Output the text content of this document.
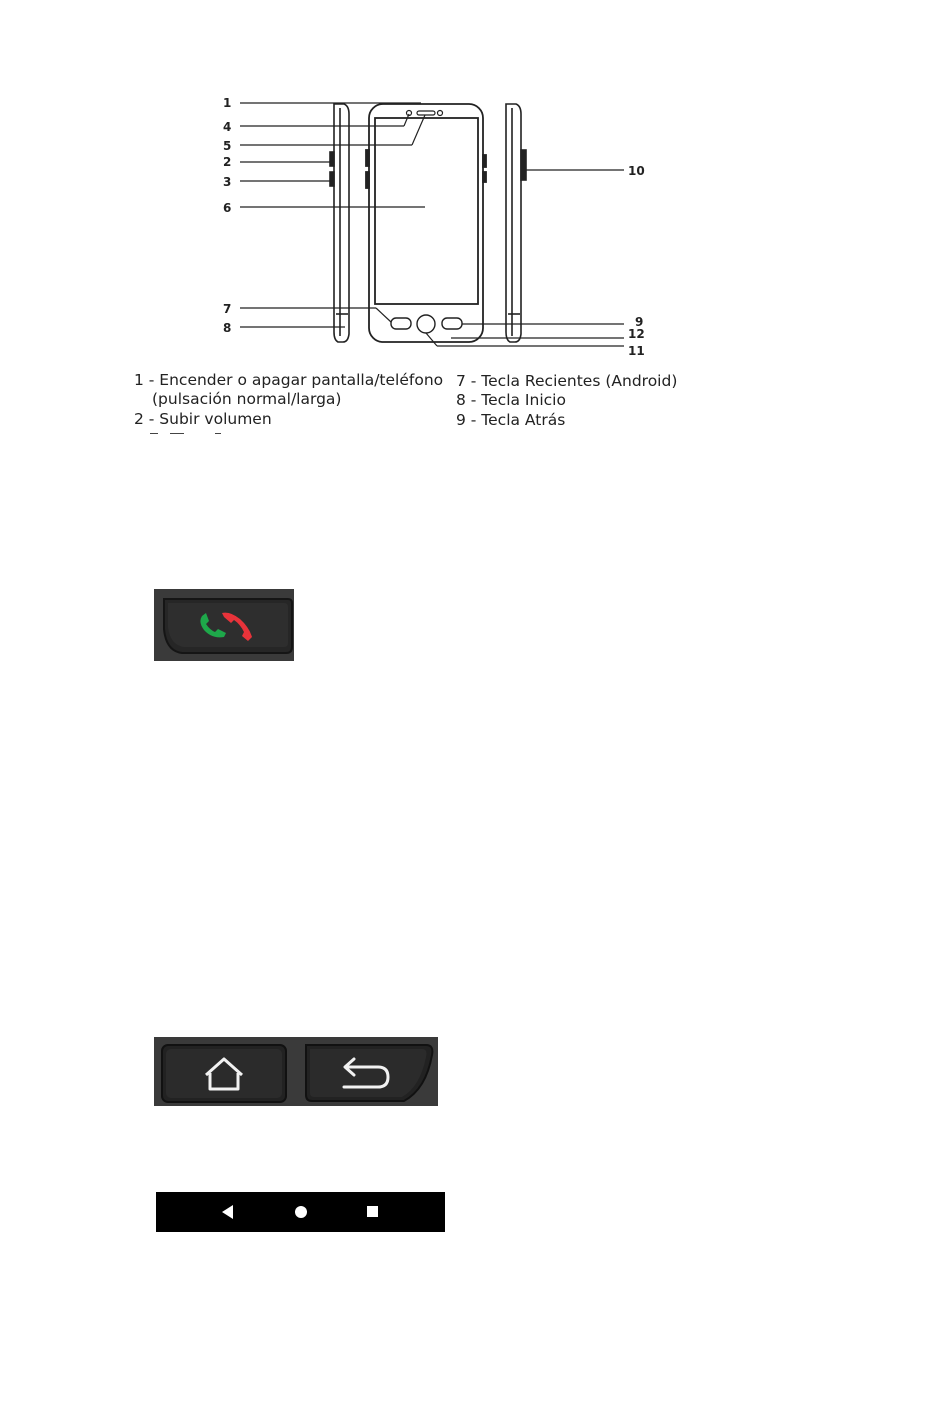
1
4
5
2
3
6
7
8
10
9
12
11
1 - Encender o apagar pantalla/teléfono
(pulsación normal/larga)
2 - Subir volumen
7 - Tecla Recientes (Android)
8 - Tecla Inicio
9 - Tecla Atrás
